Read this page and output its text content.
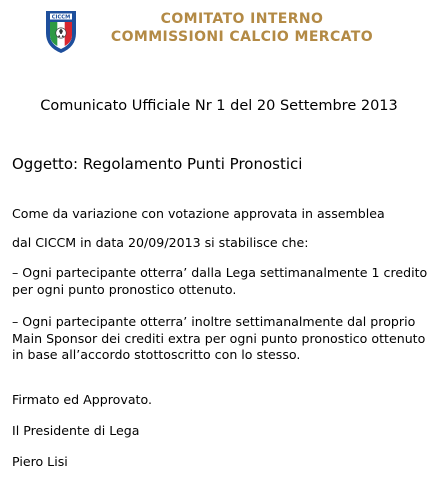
CICCM	COMITATO INTERNO
COMMISSIONI CALCIO MERCATO
Comunicato Ufficiale Nr 1 del 20 Settembre 2013
Oggetto: Regolamento Punti Pronostici
Come da variazione con votazione approvata in assemblea
dal CICCM in data 20/09/2013 si stabilisce che:
– Ogni partecipante otterra’ dalla Lega settimanalmente 1 credito
per ogni punto pronostico ottenuto.
– Ogni partecipante otterra’ inoltre settimanalmente dal proprio
Main Sponsor dei crediti extra per ogni punto pronostico ottenuto
in base all’accordo stottoscritto con lo stesso.
Firmato ed Approvato.
Il Presidente di Lega
Piero Lisi
